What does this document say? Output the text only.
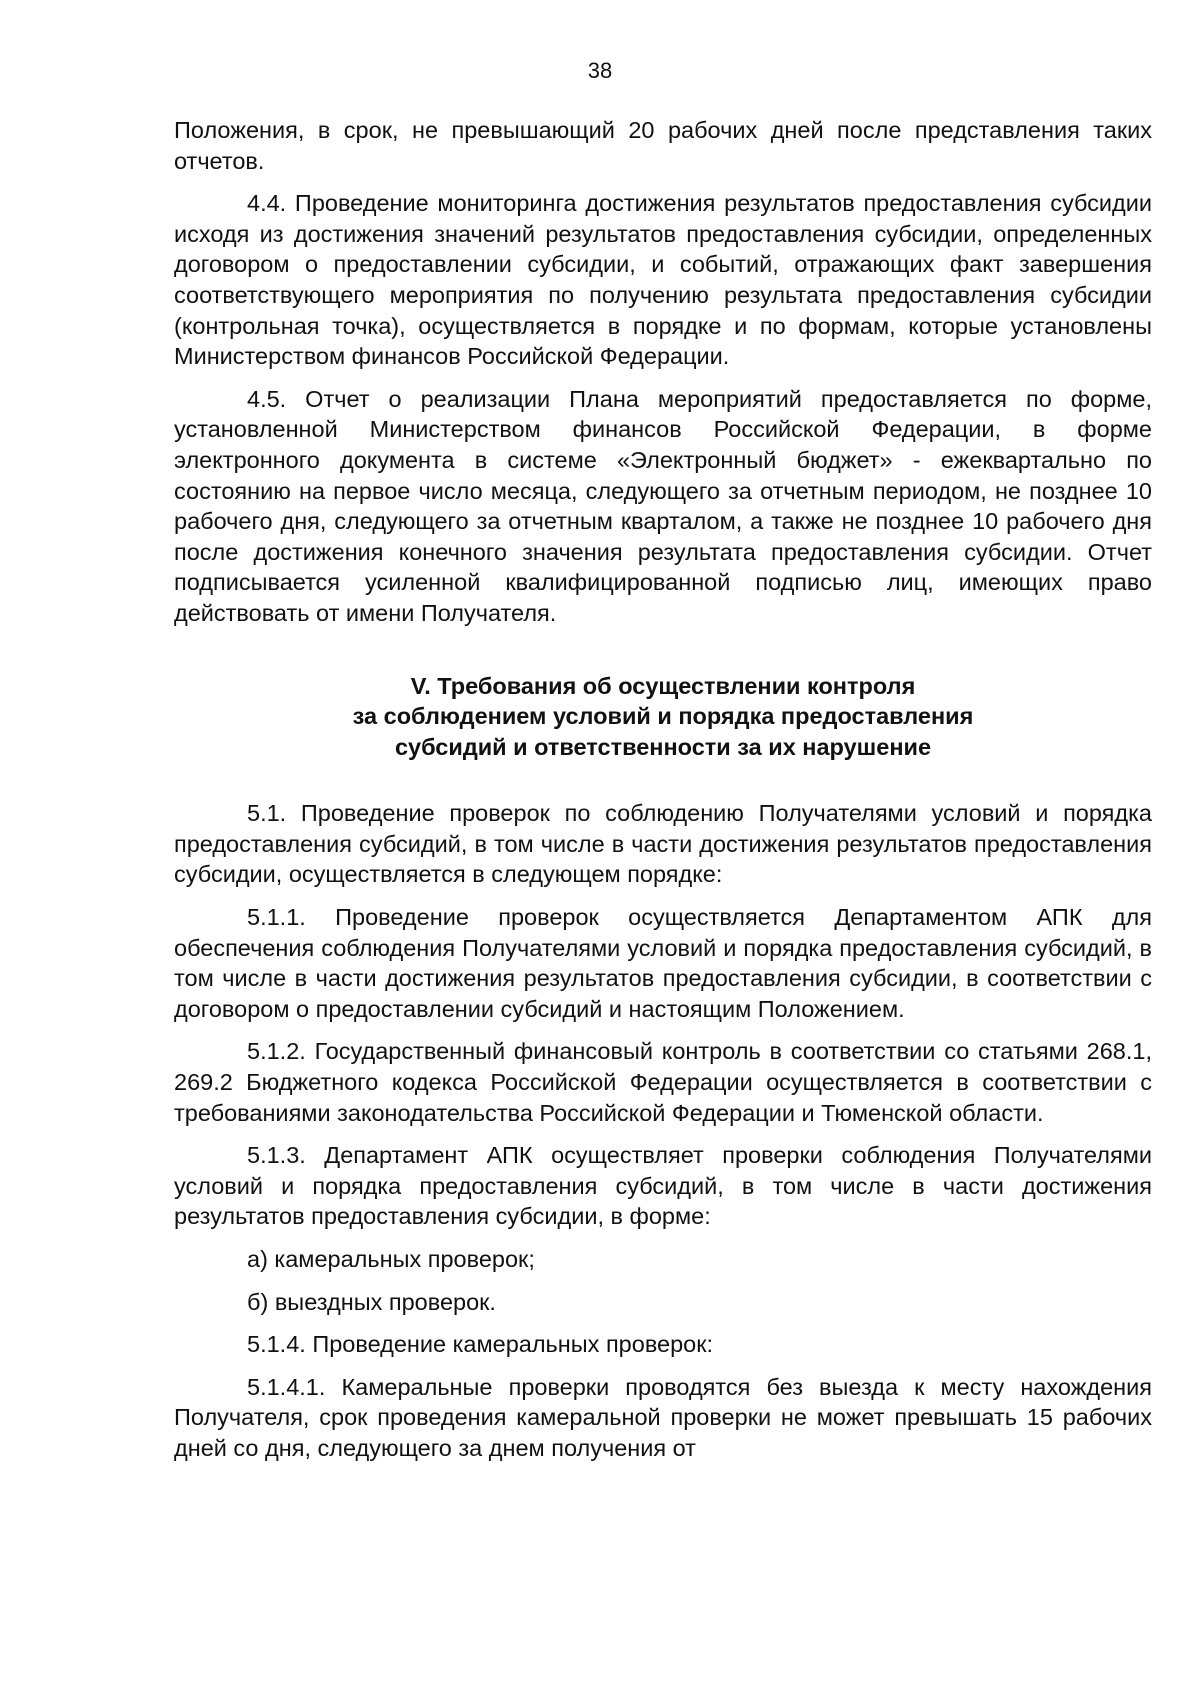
38

Положения, в срок, не превышающий 20 рабочих дней после представления таких отчетов.

4.4. Проведение мониторинга достижения результатов предоставления субсидии исходя из достижения значений результатов предоставления субсидии, определенных договором о предоставлении субсидии, и событий, отражающих факт завершения соответствующего мероприятия по получению результата предоставления субсидии (контрольная точка), осуществляется в порядке и по формам, которые установлены Министерством финансов Российской Федерации.

4.5. Отчет о реализации Плана мероприятий предоставляется по форме, установленной Министерством финансов Российской Федерации, в форме электронного документа в системе «Электронный бюджет» - ежеквартально по состоянию на первое число месяца, следующего за отчетным периодом, не позднее 10 рабочего дня, следующего за отчетным кварталом, а также не позднее 10 рабочего дня после достижения конечного значения результата предоставления субсидии. Отчет подписывается усиленной квалифицированной подписью лиц, имеющих право действовать от имени Получателя.

V. Требования об осуществлении контроля
за соблюдением условий и порядка предоставления
субсидий и ответственности за их нарушение

5.1. Проведение проверок по соблюдению Получателями условий и порядка предоставления субсидий, в том числе в части достижения результатов предоставления субсидии, осуществляется в следующем порядке:

5.1.1. Проведение проверок осуществляется Департаментом АПК для обеспечения соблюдения Получателями условий и порядка предоставления субсидий, в том числе в части достижения результатов предоставления субсидии, в соответствии с договором о предоставлении субсидий и настоящим Положением.

5.1.2. Государственный финансовый контроль в соответствии со статьями 268.1, 269.2 Бюджетного кодекса Российской Федерации осуществляется в соответствии с требованиями законодательства Российской Федерации и Тюменской области.

5.1.3. Департамент АПК осуществляет проверки соблюдения Получателями условий и порядка предоставления субсидий, в том числе в части достижения результатов предоставления субсидии, в форме:

а) камеральных проверок;

б) выездных проверок.

5.1.4. Проведение камеральных проверок:

5.1.4.1. Камеральные проверки проводятся без выезда к месту нахождения Получателя, срок проведения камеральной проверки не может превышать 15 рабочих дней со дня, следующего за днем получения от
